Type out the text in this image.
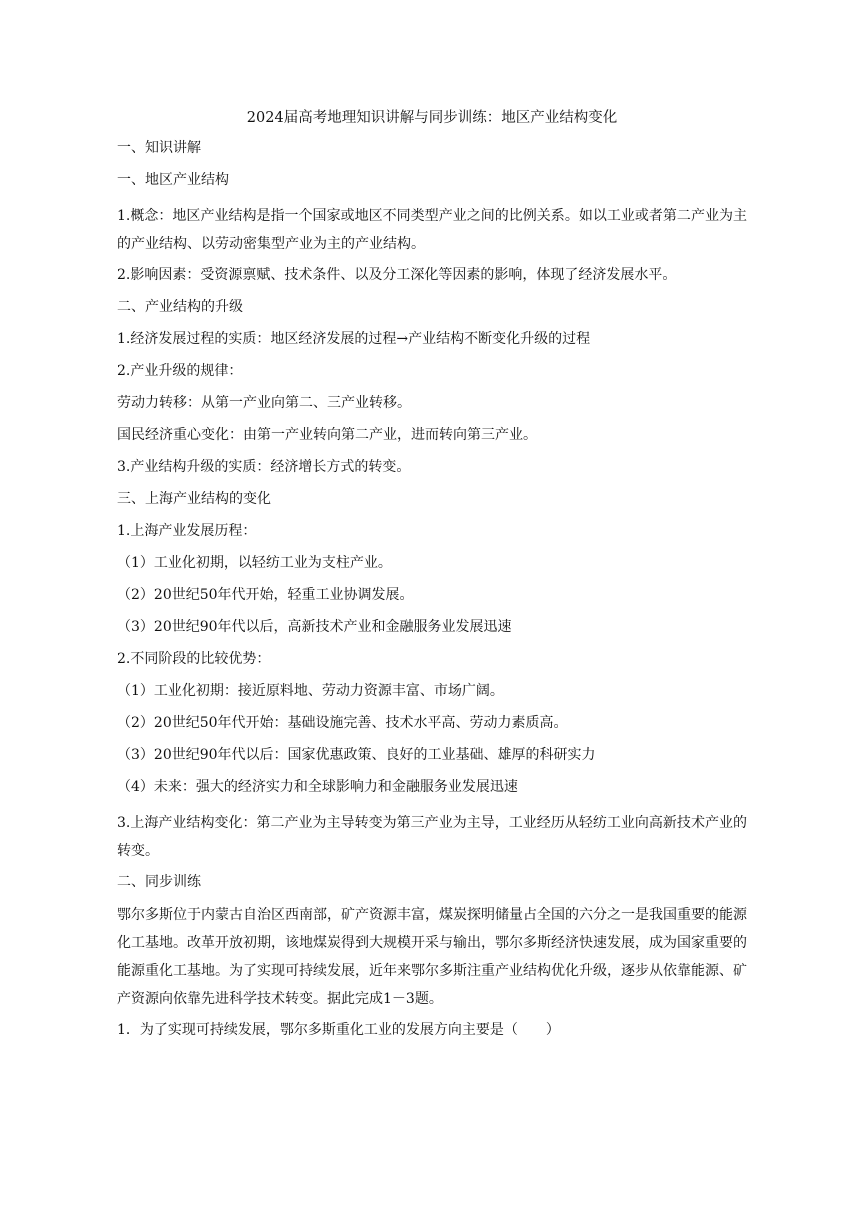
2024届高考地理知识讲解与同步训练：地区产业结构变化
一、知识讲解
一、地区产业结构
1.概念：地区产业结构是指一个国家或地区不同类型产业之间的比例关系。如以工业或者第二产业为主的产业结构、以劳动密集型产业为主的产业结构。
2.影响因素：受资源禀赋、技术条件、以及分工深化等因素的影响，体现了经济发展水平。
二、产业结构的升级
1.经济发展过程的实质：地区经济发展的过程→产业结构不断变化升级的过程
2.产业升级的规律：
劳动力转移：从第一产业向第二、三产业转移。
国民经济重心变化：由第一产业转向第二产业，进而转向第三产业。
3.产业结构升级的实质：经济增长方式的转变。
三、上海产业结构的变化
1.上海产业发展历程：
（1）工业化初期，以轻纺工业为支柱产业。
（2）20世纪50年代开始，轻重工业协调发展。
（3）20世纪90年代以后，高新技术产业和金融服务业发展迅速
2.不同阶段的比较优势：
（1）工业化初期：接近原料地、劳动力资源丰富、市场广阔。
（2）20世纪50年代开始：基础设施完善、技术水平高、劳动力素质高。
（3）20世纪90年代以后：国家优惠政策、良好的工业基础、雄厚的科研实力
（4）未来：强大的经济实力和全球影响力和金融服务业发展迅速
3.上海产业结构变化：第二产业为主导转变为第三产业为主导，工业经历从轻纺工业向高新技术产业的转变。
二、同步训练
鄂尔多斯位于内蒙古自治区西南部，矿产资源丰富，煤炭探明储量占全国的六分之一是我国重要的能源化工基地。改革开放初期，该地煤炭得到大规模开采与输出，鄂尔多斯经济快速发展，成为国家重要的能源重化工基地。为了实现可持续发展，近年来鄂尔多斯注重产业结构优化升级，逐步从依靠能源、矿产资源向依靠先进科学技术转变。据此完成1－3题。
1．为了实现可持续发展，鄂尔多斯重化工业的发展方向主要是（　　）
